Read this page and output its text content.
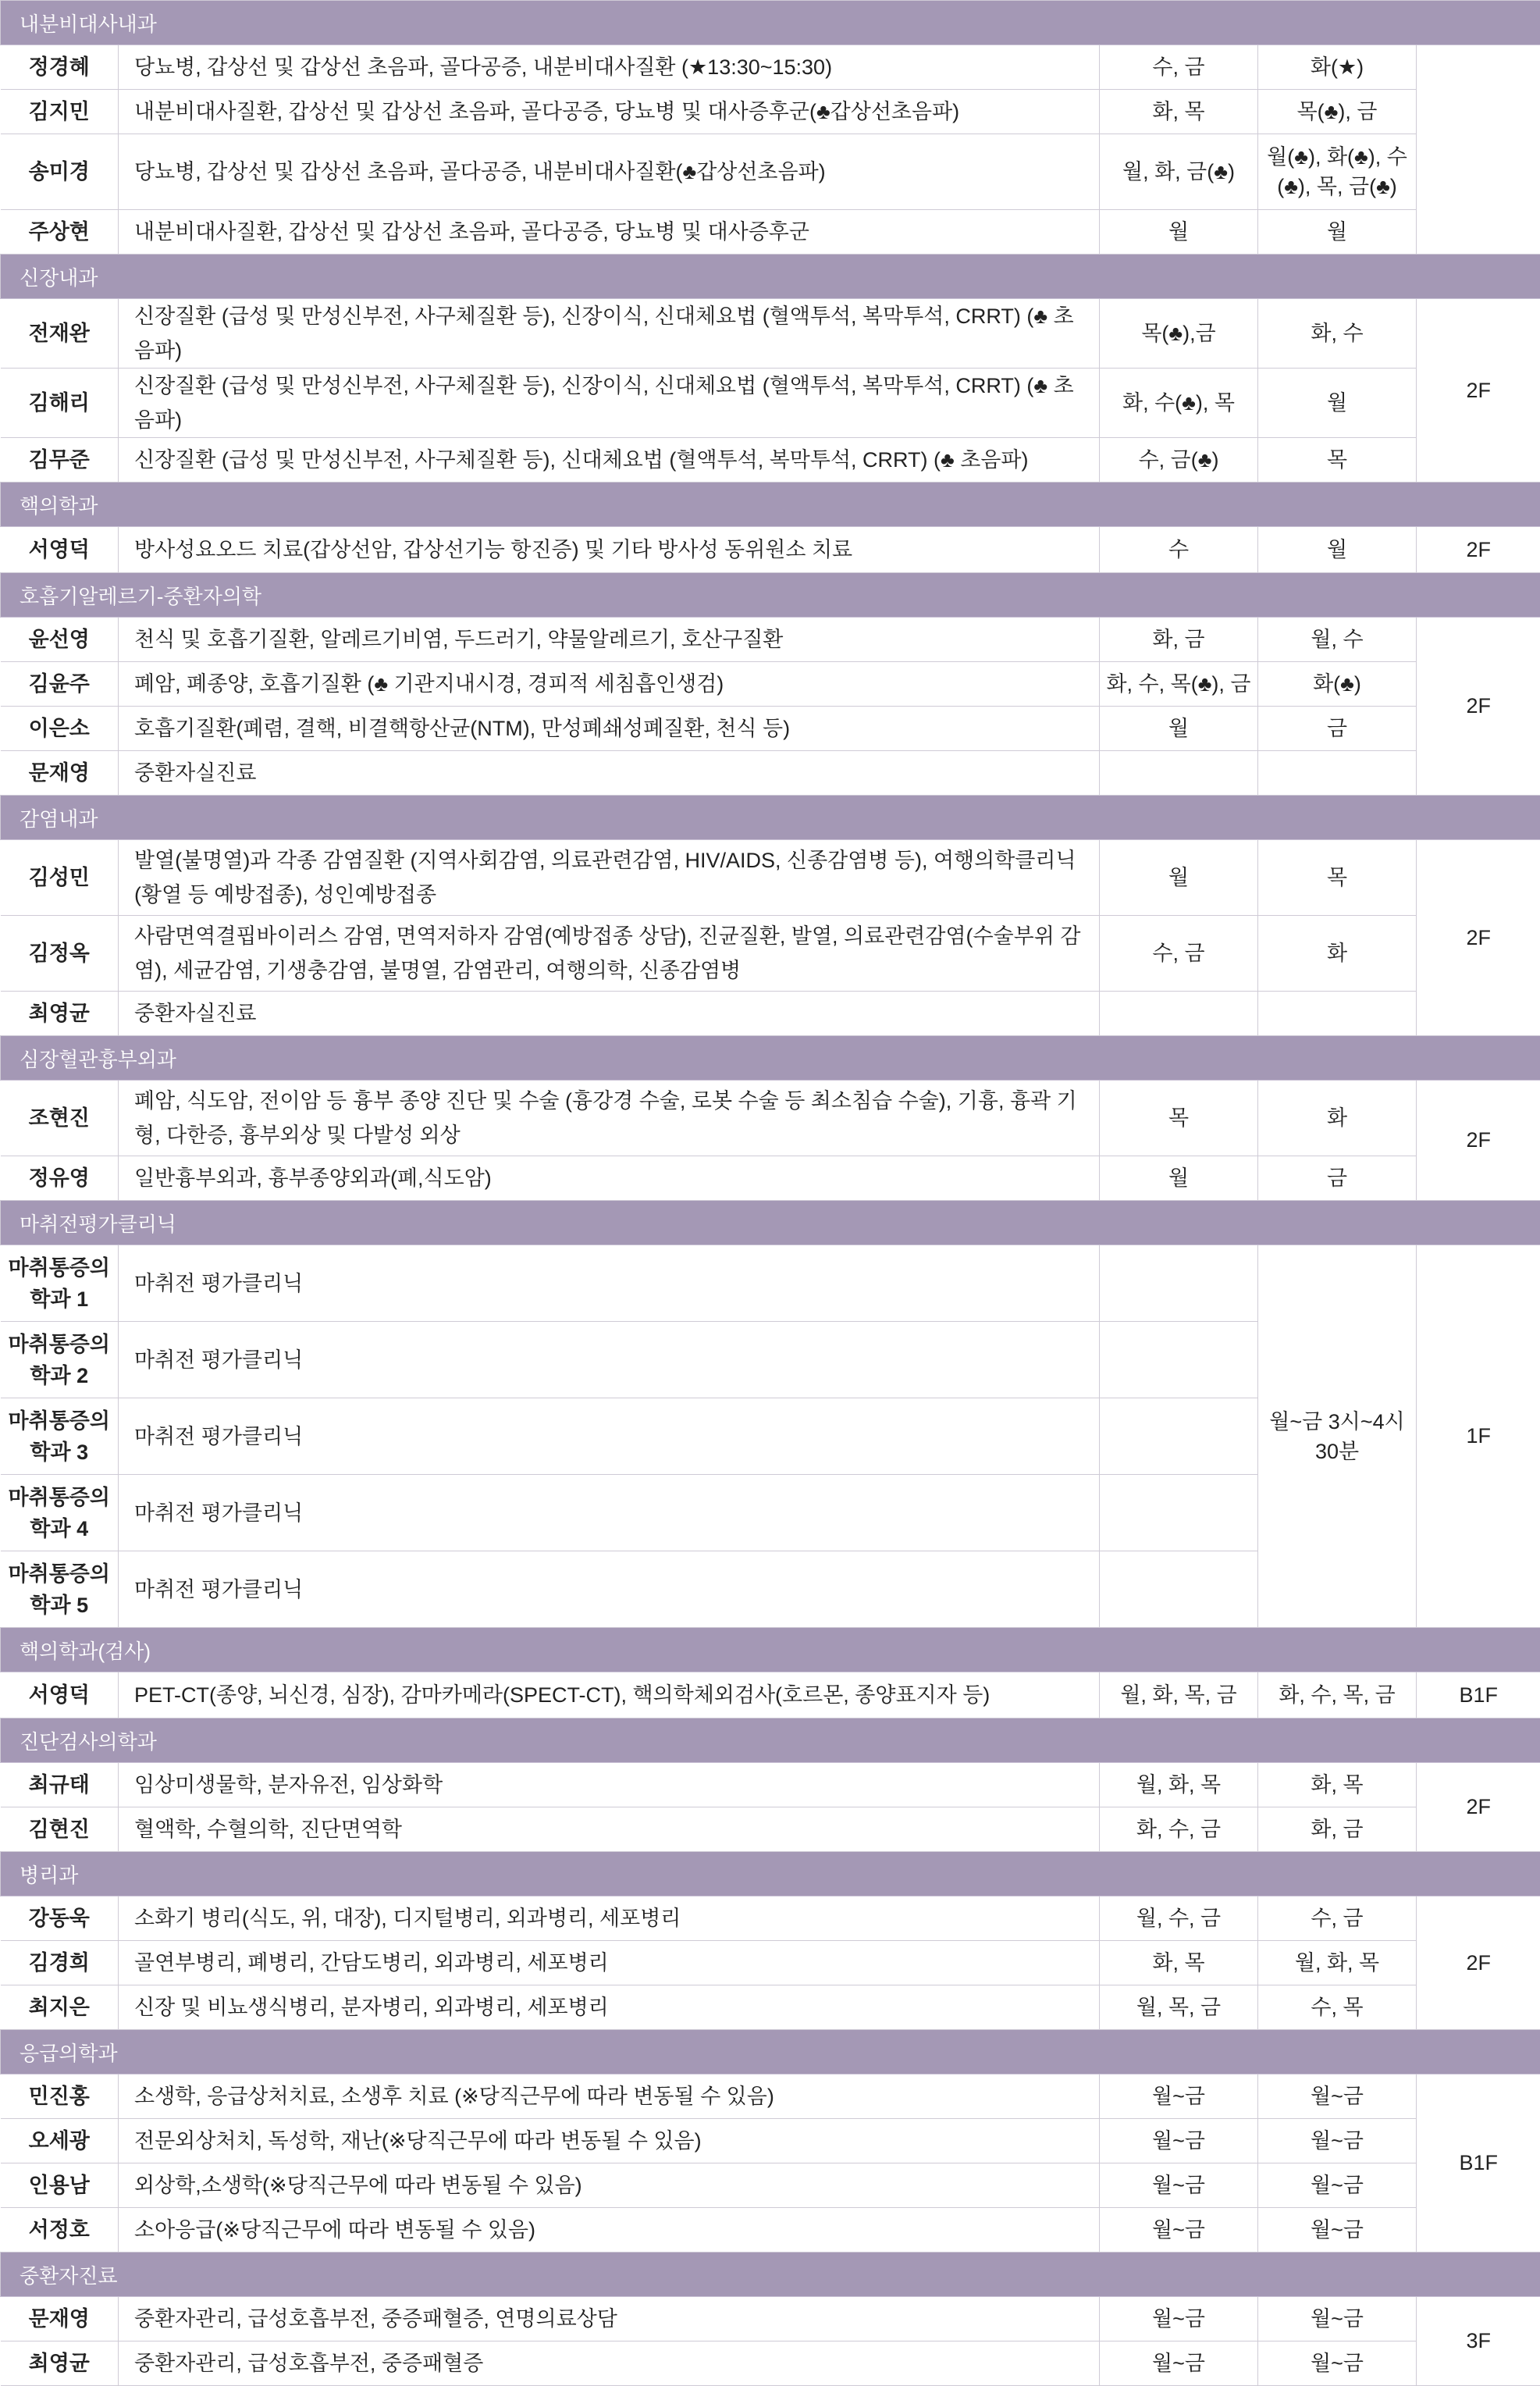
내분비대사내과				
정경혜	당뇨병, 갑상선 및 갑상선 초음파, 골다공증, 내분비대사질환 (★13:30~15:30)	수, 금	화(★)	
김지민	내분비대사질환, 갑상선 및 갑상선 초음파, 골다공증, 당뇨병 및 대사증후군(♣갑상선초음파)	화, 목	목(♣), 금	
송미경	당뇨병, 갑상선 및 갑상선 초음파, 골다공증, 내분비대사질환(♣갑상선초음파)	월, 화, 금(♣)	월(♣), 화(♣), 수(♣), 목, 금(♣)	
주상현	내분비대사질환, 갑상선 및 갑상선 초음파, 골다공증, 당뇨병 및 대사증후군	월	월	
신장내과				
전재완	신장질환 (급성 및 만성신부전, 사구체질환 등), 신장이식, 신대체요법 (혈액투석, 복막투석, CRRT) (♣ 초음파)	목(♣),금	화, 수	2F
김해리	신장질환 (급성 및 만성신부전, 사구체질환 등), 신장이식, 신대체요법 (혈액투석, 복막투석, CRRT) (♣ 초음파)	화, 수(♣), 목	월	
김무준	신장질환 (급성 및 만성신부전, 사구체질환 등), 신대체요법 (혈액투석, 복막투석, CRRT) (♣ 초음파)	수, 금(♣)	목	
핵의학과				
서영덕	방사성요오드 치료(갑상선암, 갑상선기능 항진증) 및 기타 방사성 동위원소 치료	수	월	2F
호흡기알레르기-중환자의학				
윤선영	천식 및 호흡기질환, 알레르기비염, 두드러기, 약물알레르기, 호산구질환	화, 금	월, 수	2F
김윤주	폐암, 폐종양, 호흡기질환 (♣ 기관지내시경, 경피적 세침흡인생검)	화, 수, 목(♣), 금	화(♣)	
이은소	호흡기질환(폐렴, 결핵, 비결핵항산균(NTM), 만성폐쇄성폐질환, 천식 등)	월	금	
문재영	중환자실진료			
감염내과				
김성민	발열(불명열)과 각종 감염질환 (지역사회감염, 의료관련감염, HIV/AIDS, 신종감염병 등), 여행의학클리닉 (황열 등 예방접종), 성인예방접종	월	목	2F
김정옥	사람면역결핍바이러스 감염, 면역저하자 감염(예방접종 상담), 진균질환, 발열, 의료관련감염(수술부위 감염), 세균감염, 기생충감염, 불명열, 감염관리, 여행의학, 신종감염병	수, 금	화	
최영균	중환자실진료			
심장혈관흉부외과				
조현진	폐암, 식도암, 전이암 등 흉부 종양 진단 및 수술 (흉강경 수술, 로봇 수술 등 최소침습 수술), 기흉, 흉곽 기형, 다한증, 흉부외상 및 다발성 외상	목	화	2F
정유영	일반흉부외과, 흉부종양외과(폐,식도암)	월	금	
마취전평가클리닉				
마취통증의학과 1	마취전 평가클리닉		월~금 3시~4시 30분	1F
마취통증의학과 2	마취전 평가클리닉			
마취통증의학과 3	마취전 평가클리닉			
마취통증의학과 4	마취전 평가클리닉			
마취통증의학과 5	마취전 평가클리닉			
핵의학과(검사)				
서영덕	PET-CT(종양, 뇌신경, 심장), 감마카메라(SPECT-CT), 핵의학체외검사(호르몬, 종양표지자 등)	월, 화, 목, 금	화, 수, 목, 금	B1F
진단검사의학과				
최규태	임상미생물학, 분자유전, 임상화학	월, 화, 목	화, 목	2F
김현진	혈액학, 수혈의학, 진단면역학	화, 수, 금	화, 금	
병리과				
강동욱	소화기 병리(식도, 위, 대장), 디지털병리, 외과병리, 세포병리	월, 수, 금	수, 금	2F
김경희	골연부병리, 폐병리, 간담도병리, 외과병리, 세포병리	화, 목	월, 화, 목	
최지은	신장 및 비뇨생식병리, 분자병리, 외과병리, 세포병리	월, 목, 금	수, 목	
응급의학과				
민진홍	소생학, 응급상처치료, 소생후 치료 (※당직근무에 따라 변동될 수 있음)	월~금	월~금	B1F
오세광	전문외상처치, 독성학, 재난(※당직근무에 따라 변동될 수 있음)	월~금	월~금	
인용남	외상학,소생학(※당직근무에 따라 변동될 수 있음)	월~금	월~금	
서정호	소아응급(※당직근무에 따라 변동될 수 있음)	월~금	월~금	
중환자진료				
문재영	중환자관리, 급성호흡부전, 중증패혈증, 연명의료상담	월~금	월~금	3F
최영균	중환자관리, 급성호흡부전, 중증패혈증	월~금	월~금	
